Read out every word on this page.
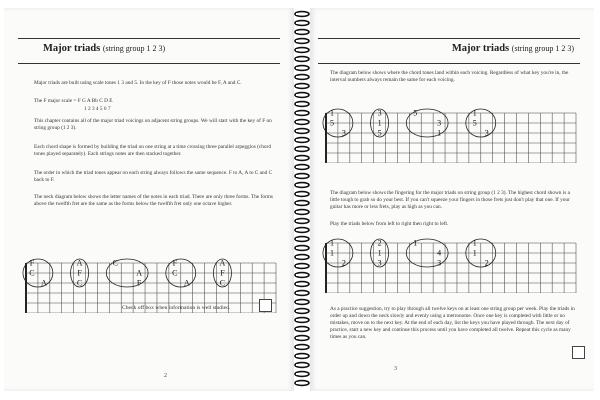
Major triads (string group 1 2 3)
Major triads are built using scale tones 1 3 and 5. In the key of F those notes would be F, A and C.
The F major scale = F G A Bb C D E
1 2 3 4 5 6 7
This chapter contains all of the major triad voicings on adjacent string groups. We will start with the key of F on string group (1 2 3).
Each chord shape is formed by building the triad on one string at a time crossing three parallel arpeggios (chord tones played separately). Each strings notes are then stacked together.
The order in which the triad tones appear on each string always follows the same sequence. F to A, A to C and C back to F.
The neck diagram below shows the letter names of the notes in each triad. There are only three forms. The forms above the twelfth fret are the same as the forms below the twelfth fret only one octave higher.
F
C
A
A
F
C
C
A
F
F
C
A
A
F
C
Check off box when information is well studied.
2
Major triads (string group 1 2 3)
The diagram below shows where the chord tones land within each voicing. Regardless of what key you're in, the interval numbers always remain the same for each voicing.
1
5
3
3
1
5
5
3
1
1
5
3
The diagram below shows the fingering for the major triads on string group (1 2 3). The highest chord shown is a little tough to grab so do your best. If you can't squeeze your fingers in those frets just don't play that one. If your guitar has more or less frets, play as high as you can.
Play the triads below from left to right then right to left.
1
1
2
2
1
3
1
4
3
1
1
2
As a practice suggestion, try to play through all twelve keys on at least one string group per week. Play the triads in order up and down the neck slowly and evenly using a metronome. Once one key is completed with little or no mistakes, move on to the next key. At the end of each day, list the keys you have played through. The next day of practice, start a new key and continue this process until you have completed all twelve. Repeat this cycle as many times as you can.
3
